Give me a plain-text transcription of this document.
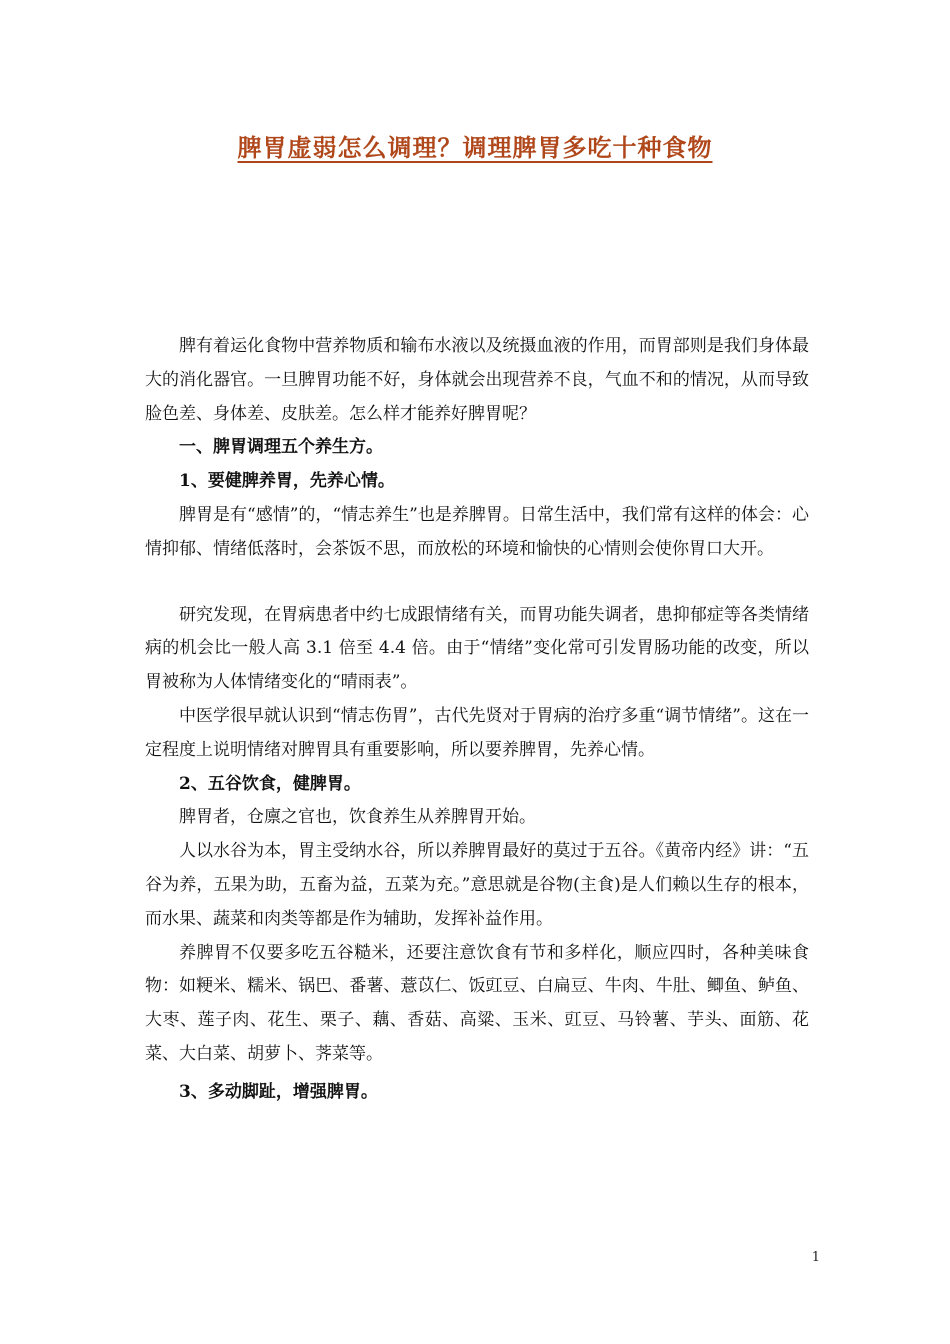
脾胃虚弱怎么调理？调理脾胃多吃十种食物

脾有着运化食物中营养物质和输布水液以及统摄血液的作用，而胃部则是我们身体最大的消化器官。一旦脾胃功能不好，身体就会出现营养不良，气血不和的情况，从而导致脸色差、身体差、皮肤差。怎么样才能养好脾胃呢？

一、脾胃调理五个养生方。

1、要健脾养胃，先养心情。

脾胃是有“感情”的，“情志养生”也是养脾胃。日常生活中，我们常有这样的体会：心情抑郁、情绪低落时，会茶饭不思，而放松的环境和愉快的心情则会使你胃口大开。

研究发现，在胃病患者中约七成跟情绪有关，而胃功能失调者，患抑郁症等各类情绪病的机会比一般人高 3.1 倍至 4.4 倍。由于“情绪”变化常可引发胃肠功能的改变，所以胃被称为人体情绪变化的“晴雨表”。

中医学很早就认识到“情志伤胃”，古代先贤对于胃病的治疗多重“调节情绪”。这在一定程度上说明情绪对脾胃具有重要影响，所以要养脾胃，先养心情。

2、五谷饮食，健脾胃。

脾胃者，仓廪之官也，饮食养生从养脾胃开始。

人以水谷为本，胃主受纳水谷，所以养脾胃最好的莫过于五谷。《黄帝内经》讲：“五谷为养，五果为助，五畜为益，五菜为充。”意思就是谷物(主食)是人们赖以生存的根本，而水果、蔬菜和肉类等都是作为辅助，发挥补益作用。

养脾胃不仅要多吃五谷糙米，还要注意饮食有节和多样化，顺应四时，各种美味食物：如粳米、糯米、锅巴、番薯、薏苡仁、饭豇豆、白扁豆、牛肉、牛肚、鲫鱼、鲈鱼、大枣、莲子肉、花生、栗子、藕、香菇、高粱、玉米、豇豆、马铃薯、芋头、面筋、花菜、大白菜、胡萝卜、荠菜等。

3、多动脚趾，增强脾胃。

1
